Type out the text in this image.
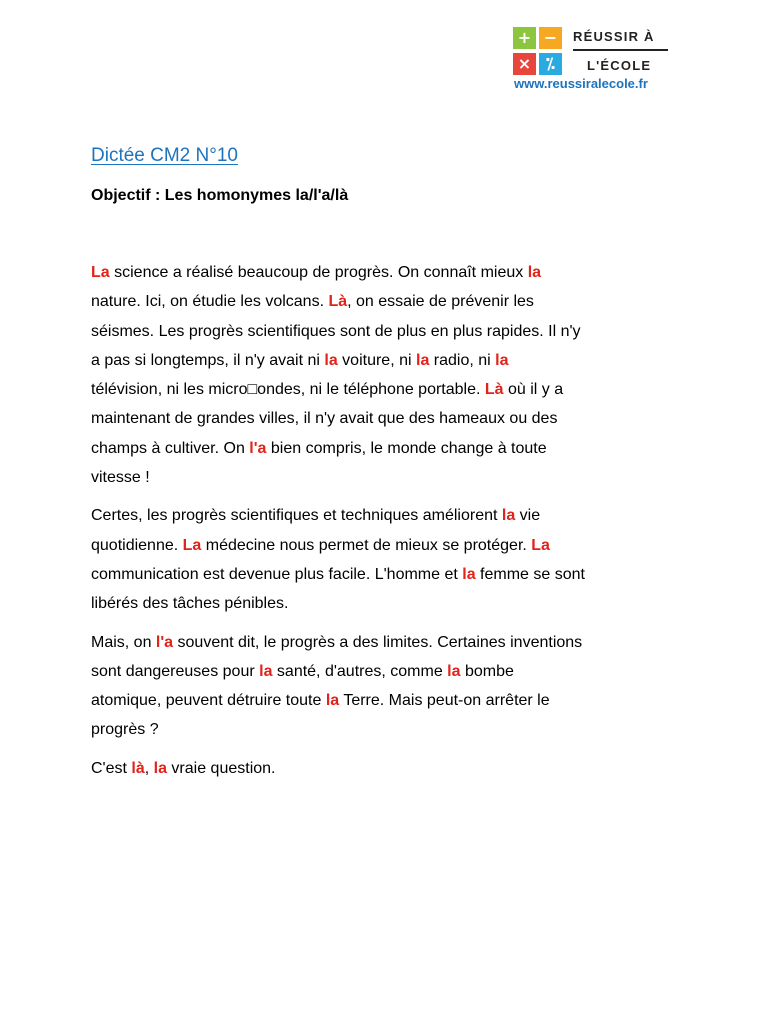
+ −
× ⁒
RÉUSSIR À
L'ÉCOLE
www.reussiralecole.fr
Dictée CM2 N°10
Objectif : Les homonymes la/l'a/là

La science a réalisé beaucoup de progrès. On connaît mieux la

nature. Ici, on étudie les volcans. Là, on essaie de prévenir les

séismes. Les progrès scientifiques sont de plus en plus rapides. Il n'y

a pas si longtemps, il n'y avait ni la voiture, ni la radio, ni la

télévision, ni les micro□ondes, ni le téléphone portable. Là où il y a

maintenant de grandes villes, il n'y avait que des hameaux ou des

champs à cultiver. On l'a bien compris, le monde change à toute

vitesse !

Certes, les progrès scientifiques et techniques améliorent la vie

quotidienne. La médecine nous permet de mieux se protéger. La

communication est devenue plus facile. L'homme et la femme se sont

libérés des tâches pénibles.

Mais, on l'a souvent dit, le progrès a des limites. Certaines inventions

sont dangereuses pour la santé, d'autres, comme la bombe

atomique, peuvent détruire toute la Terre. Mais peut-on arrêter le

progrès ?

C'est là, la vraie question.
